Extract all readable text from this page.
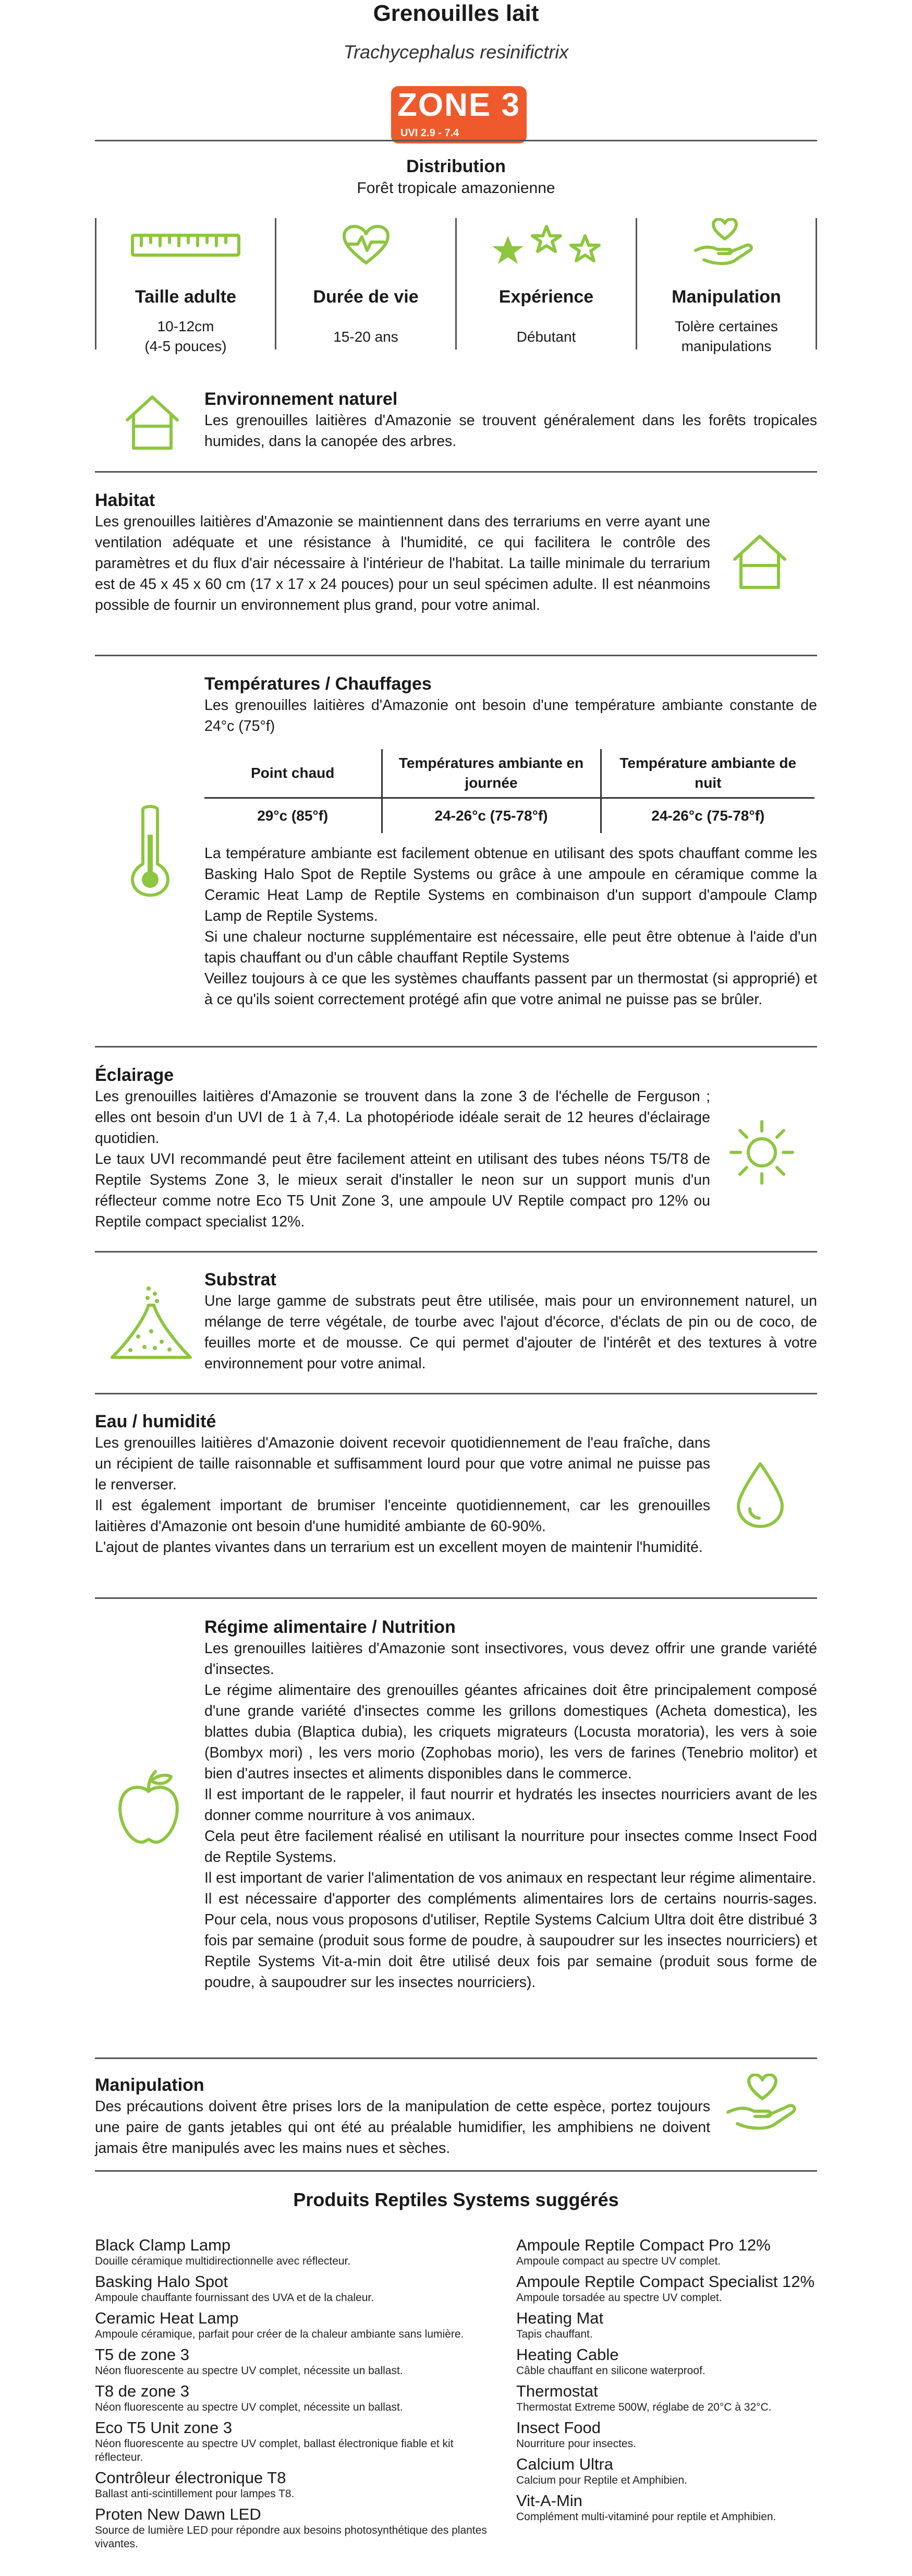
Grenouilles lait
Trachycephalus resinifictrix
ZONE 3
UVI 2.9 - 7.4
Distribution
Forêt tropicale amazonienne
Taille adulte
10-12cm
(4-5 pouces)
Durée de vie
15-20 ans
Expérience
Débutant
Manipulation
Tolère certaines
manipulations
Environnement naturel
Les grenouilles laitières d'Amazonie se trouvent généralement dans les forêts tropicales humides, dans la canopée des arbres.
Habitat
Les grenouilles laitières d'Amazonie se maintiennent dans des terrariums en verre ayant une ventilation adéquate et une résistance à l'humidité, ce qui facilitera le contrôle des paramètres et du flux d'air nécessaire à l'intérieur de l'habitat. La taille minimale du terrarium est de 45 x 45 x 60 cm (17 x 17 x 24 pouces) pour un seul spécimen adulte. Il est néanmoins possible de fournir un environnement plus grand, pour votre animal.
Températures / Chauffages
Les grenouilles laitières d'Amazonie ont besoin d'une température ambiante constante de 24°c (75°f)
Point chaud	Températures ambiante en journée	Température ambiante de nuit
29°c (85°f)	24-26°c (75-78°f)	24-26°c (75-78°f)

La température ambiante est facilement obtenue en utilisant des spots chauffant comme les Basking Halo Spot de Reptile Systems ou grâce à une ampoule en céramique comme la Ceramic Heat Lamp de Reptile Systems en combinaison d'un support d'ampoule Clamp Lamp de Reptile Systems.

Si une chaleur nocturne supplémentaire est nécessaire, elle peut être obtenue à l'aide d'un tapis chauffant ou d'un câble chauffant Reptile Systems

Veillez toujours à ce que les systèmes chauffants passent par un thermostat (si approprié) et à ce qu'ils soient correctement protégé afin que votre animal ne puisse pas se brûler.

Éclairage

Les grenouilles laitières d'Amazonie se trouvent dans la zone 3 de l'échelle de Ferguson ; elles ont besoin d'un UVI de 1 à 7,4. La photopériode idéale serait de 12 heures d'éclairage quotidien.

Le taux UVI recommandé peut être facilement atteint en utilisant des tubes néons T5/T8 de Reptile Systems Zone 3, le mieux serait d'installer le neon sur un support munis d'un réflecteur comme notre Eco T5 Unit Zone 3, une ampoule UV Reptile compact pro 12% ou Reptile compact specialist 12%.

Substrat
Une large gamme de substrats peut être utilisée, mais pour un environnement naturel, un mélange de terre végétale, de tourbe avec l'ajout d'écorce, d'éclats de pin ou de coco, de feuilles morte et de mousse. Ce qui permet d'ajouter de l'intérêt et des textures à votre environnement pour votre animal.
Eau / humidité

Les grenouilles laitières d'Amazonie doivent recevoir quotidiennement de l'eau fraîche, dans un récipient de taille raisonnable et suffisamment lourd pour que votre animal ne puisse pas le renverser.

Il est également important de brumiser l'enceinte quotidiennement, car les grenouilles laitières d'Amazonie ont besoin d'une humidité ambiante de 60-90%.

L'ajout de plantes vivantes dans un terrarium est un excellent moyen de maintenir l'humidité.

Régime alimentaire / Nutrition

Les grenouilles laitières d'Amazonie sont insectivores, vous devez offrir une grande variété d'insectes.

Le régime alimentaire des grenouilles géantes africaines doit être principalement composé d'une grande variété d'insectes comme les grillons domestiques (Acheta domestica), les blattes dubia (Blaptica dubia), les criquets migrateurs (Locusta moratoria), les vers à soie (Bombyx mori) , les vers morio (Zophobas morio), les vers de farines (Tenebrio molitor) et bien d'autres insectes et aliments disponibles dans le commerce.

Il est important de le rappeler, il faut nourrir et hydratés les insectes nourriciers avant de les donner comme nourriture à vos animaux.

Cela peut être facilement réalisé en utilisant la nourriture pour insectes comme Insect Food de Reptile Systems.

Il est important de varier l'alimentation de vos animaux en respectant leur régime alimentaire.

Il est nécessaire d'apporter des compléments alimentaires lors de certains nourris-sages. Pour cela, nous vous proposons d'utiliser, Reptile Systems Calcium Ultra doit être distribué 3 fois par semaine (produit sous forme de poudre, à saupoudrer sur les insectes nourriciers) et Reptile Systems Vit-a-min doit être utilisé deux fois par semaine (produit sous forme de poudre, à saupoudrer sur les insectes nourriciers).

Manipulation
Des précautions doivent être prises lors de la manipulation de cette espèce, portez toujours une paire de gants jetables qui ont été au préalable humidifier, les amphibiens ne doivent jamais être manipulés avec les mains nues et sèches.
Produits Reptiles Systems suggérés
Black Clamp Lamp
Douille céramique multidirectionnelle avec réflecteur.
Basking Halo Spot
Ampoule chauffante fournissant des UVA et de la chaleur.
Ceramic Heat Lamp
Ampoule céramique, parfait pour créer de la chaleur ambiante sans lumière.
T5 de zone 3
Néon fluorescente au spectre UV complet, nécessite un ballast.
T8 de zone 3
Néon fluorescente au spectre UV complet, nécessite un ballast.
Eco T5 Unit zone 3
Néon fluorescente au spectre UV complet, ballast électronique fiable et kit réflecteur.
Contrôleur électronique T8
Ballast anti-scintillement pour lampes T8.
Proten New Dawn LED
Source de lumière LED pour répondre aux besoins photosynthétique des plantes vivantes.
Ampoule Reptile Compact Pro 12%
Ampoule compact au spectre UV complet.
Ampoule Reptile Compact Specialist 12%
Ampoule torsadée au spectre UV complet.
Heating Mat
Tapis chauffant.
Heating Cable
Câble chauffant en silicone waterproof.
Thermostat
Thermostat Extreme 500W, réglabe de 20°C à 32°C.
Insect Food
Nourriture pour insectes.
Calcium Ultra
Calcium pour Reptile et Amphibien.
Vit-A-Min
Complément multi-vitaminé pour reptile et Amphibien.
